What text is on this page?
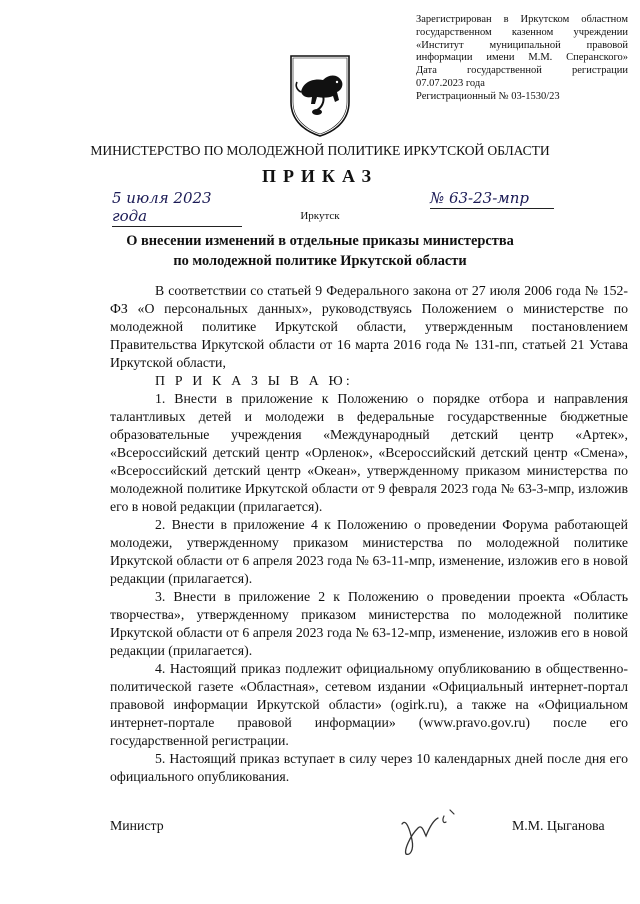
Зарегистрирован в Иркутском областном
государственном казенном учреждении
«Институт муниципальной правовой
информации имени М.М. Сперанского»
Дата государственной регистрации
07.07.2023 года
Регистрационный № 03-1530/23
МИНИСТЕРСТВО ПО МОЛОДЕЖНОЙ ПОЛИТИКЕ ИРКУТСКОЙ ОБЛАСТИ
ПРИКАЗ
5 июля 2023 года
№ 63-23-мпр
Иркутск
О внесении изменений в отдельные приказы министерства по молодежной политике Иркутской области

В соответствии со статьей 9 Федерального закона от 27 июля 2006 года № 152-ФЗ «О персональных данных», руководствуясь Положением о министерстве по молодежной политике Иркутской области, утвержденным постановлением Правительства Иркутской области от 16 марта 2016 года № 131-пп, статьей 21 Устава Иркутской области,

П Р И К А З Ы В А Ю:

1. Внести в приложение к Положению о порядке отбора и направления талантливых детей и молодежи в федеральные государственные бюджетные образовательные учреждения «Международный детский центр «Артек», «Всероссийский детский центр «Орленок», «Всероссийский детский центр «Смена», «Всероссийский детский центр «Океан», утвержденному приказом министерства по молодежной политике Иркутской области от 9 февраля 2023 года № 63-3-мпр, изложив его в новой редакции (прилагается).

2. Внести в приложение 4 к Положению о проведении Форума работающей молодежи, утвержденному приказом министерства по молодежной политике Иркутской области от 6 апреля 2023 года № 63-11-мпр, изменение, изложив его в новой редакции (прилагается).

3. Внести в приложение 2 к Положению о проведении проекта «Область творчества», утвержденному приказом министерства по молодежной политике Иркутской области от 6 апреля 2023 года № 63-12-мпр, изменение, изложив его в новой редакции (прилагается).

4. Настоящий приказ подлежит официальному опубликованию в общественно-политической газете «Областная», сетевом издании «Официальный интернет-портал правовой информации Иркутской области» (ogirk.ru), а также на «Официальном интернет-портале правовой информации» (www.pravo.gov.ru) после его государственной регистрации.

5. Настоящий приказ вступает в силу через 10 календарных дней после дня его официального опубликования.

Министр	М.М. Цыганова
